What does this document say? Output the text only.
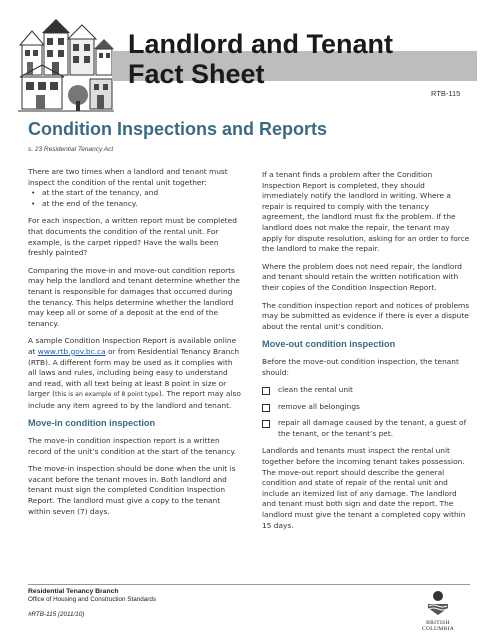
Landlord and Tenant
Fact Sheet
RTB-115
Condition Inspections and Reports
s. 23 Residential Tenancy Act

There are two times when a landlord and tenant must inspect the condition of the rental unit together:

• at the start of the tenancy, and
• at the end of the tenancy.

For each inspection, a written report must be completed that documents the condition of the rental unit. For example, is the carpet ripped? Have the walls been freshly painted?

Comparing the move-in and move-out condition reports may help the landlord and tenant determine whether the tenant is responsible for damages that occurred during the tenancy. This helps determine whether the landlord may keep all or some of a deposit at the end of the tenancy.

A sample Condition Inspection Report is available online at www.rtb.gov.bc.ca or from Residential Tenancy Branch (RTB). A different form may be used as it complies with all laws and rules, including being easy to understand and read, with all text being at least 8 point in size or larger (this is an example of 8 point type). The report may also include any item agreed to by the landlord and tenant.

Move-in condition inspection

The move-in condition inspection report is a written record of the unit’s condition at the start of the tenancy.

The move-in inspection should be done when the unit is vacant before the tenant moves in. Both landlord and tenant must sign the completed Condition Inspection Report. The landlord must give a copy to the tenant within seven (7) days.

If a tenant finds a problem after the Condition Inspection Report is completed, they should immediately notify the landlord in writing. Where a repair is required to comply with the tenancy agreement, the landlord must fix the problem. If the landlord does not make the repair, the tenant may apply for dispute resolution, asking for an order to force the landlord to make the repair.

Where the problem does not need repair, the landlord and tenant should retain the written notification with their copies of the Condition Inspection Report.

The condition inspection report and notices of problems may be submitted as evidence if there is ever a dispute about the rental unit’s condition.

Move-out condition inspection

Before the move-out condition inspection, the tenant should:

clean the rental unit
remove all belongings
repair all damage caused by the tenant, a guest of the tenant, or the tenant’s pet.

Landlords and tenants must inspect the rental unit together before the incoming tenant takes possession. The move-out report should describe the general condition and state of repair of the rental unit and include an itemized list of any damage. The landlord and tenant must both sign and date the report. The landlord must give the tenant a completed copy within 15 days.

Residential Tenancy Branch
Office of Housing and Construction Standards
#RTB-115 (2011/10)
BRITISH
COLUMBIA
